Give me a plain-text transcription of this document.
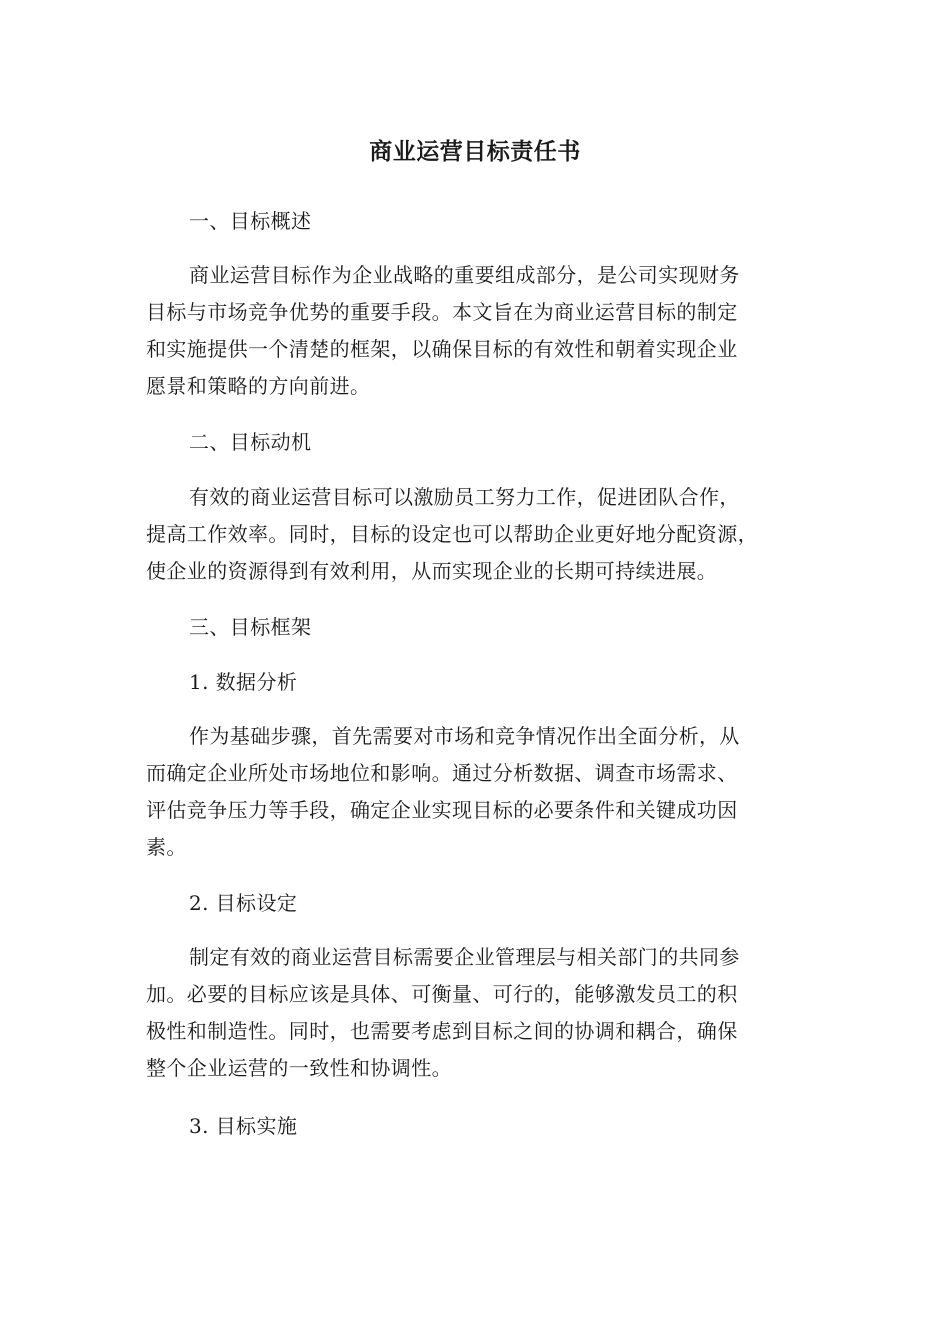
商业运营目标责任书
一、目标概述
商业运营目标作为企业战略的重要组成部分，是公司实现财务
目标与市场竞争优势的重要手段。本文旨在为商业运营目标的制定
和实施提供一个清楚的框架，以确保目标的有效性和朝着实现企业
愿景和策略的方向前进。
二、目标动机
有效的商业运营目标可以激励员工努力工作，促进团队合作，
提高工作效率。同时，目标的设定也可以帮助企业更好地分配资源，
使企业的资源得到有效利用，从而实现企业的长期可持续进展。
三、目标框架
1. 数据分析
作为基础步骤，首先需要对市场和竞争情况作出全面分析，从
而确定企业所处市场地位和影响。通过分析数据、调查市场需求、
评估竞争压力等手段，确定企业实现目标的必要条件和关键成功因
素。
2. 目标设定
制定有效的商业运营目标需要企业管理层与相关部门的共同参
加。必要的目标应该是具体、可衡量、可行的，能够激发员工的积
极性和制造性。同时，也需要考虑到目标之间的协调和耦合，确保
整个企业运营的一致性和协调性。
3. 目标实施
